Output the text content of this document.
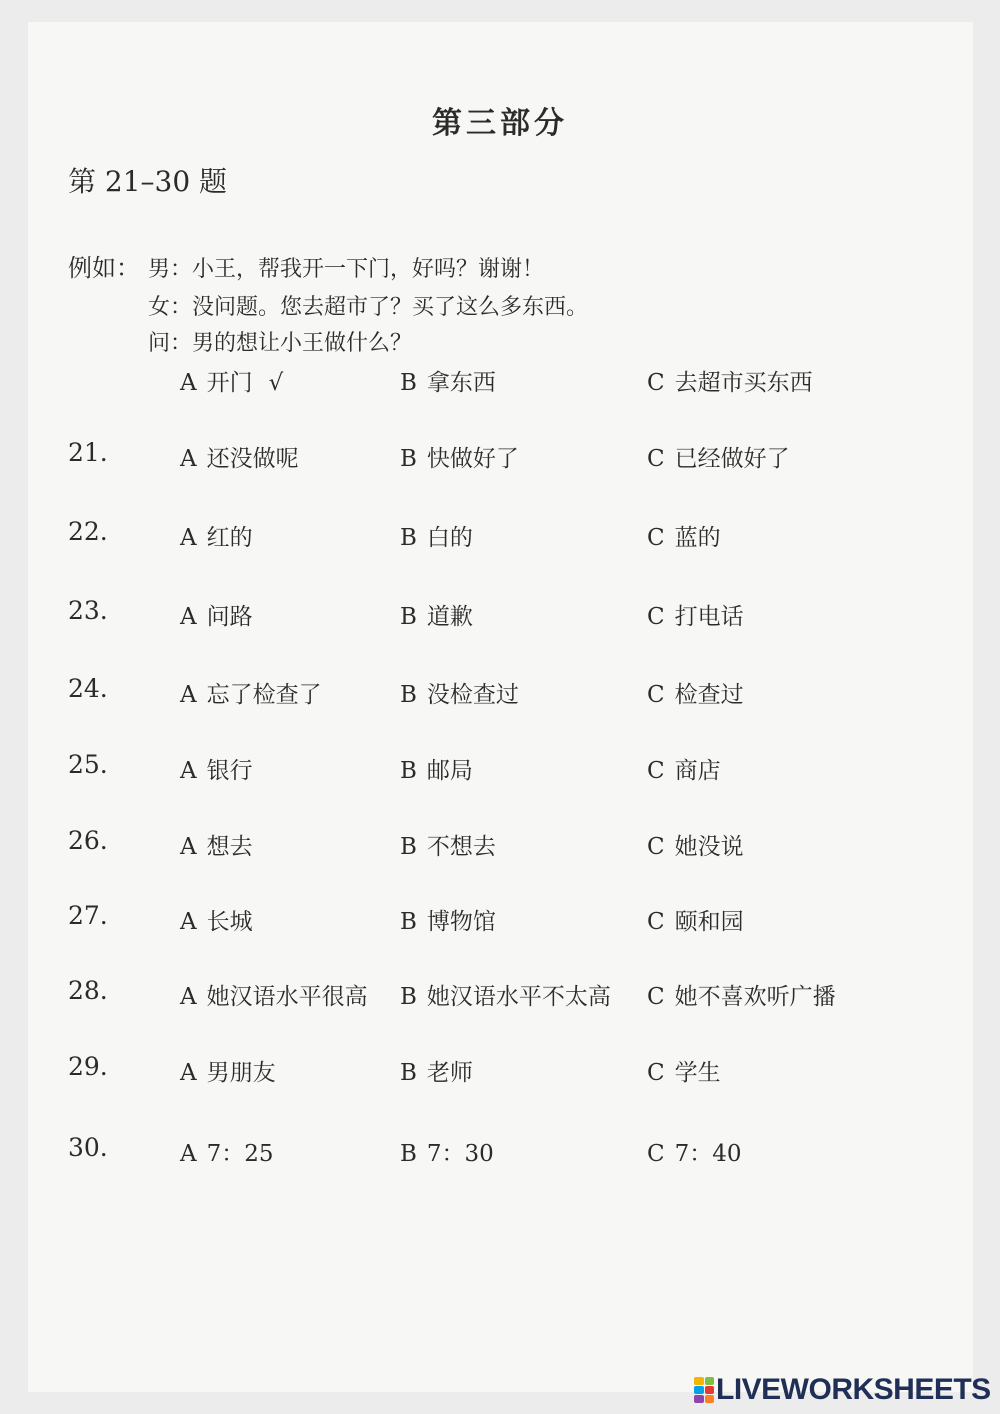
第三部分
第 21–30 题
例如： 男：小王，帮我开一下门，好吗？谢谢！
女：没问题。您去超市了？买了这么多东西。
问：男的想让小王做什么？
A 开门 √	B 拿东西	C 去超市买东西
21.	A 还没做呢	B 快做好了	C 已经做好了
22.	A 红的	B 白的	C 蓝的
23.	A 问路	B 道歉	C 打电话
24.	A 忘了检查了	B 没检查过	C 检查过
25.	A 银行	B 邮局	C 商店
26.	A 想去	B 不想去	C 她没说
27.	A 长城	B 博物馆	C 颐和园
28.	A 她汉语水平很高 B 她汉语水平不太高 C 她不喜欢听广播
29.	A 男朋友	B 老师	C 学生
30.	A 7：25	B 7：30	C 7：40
LIVEWORKSHEETS
